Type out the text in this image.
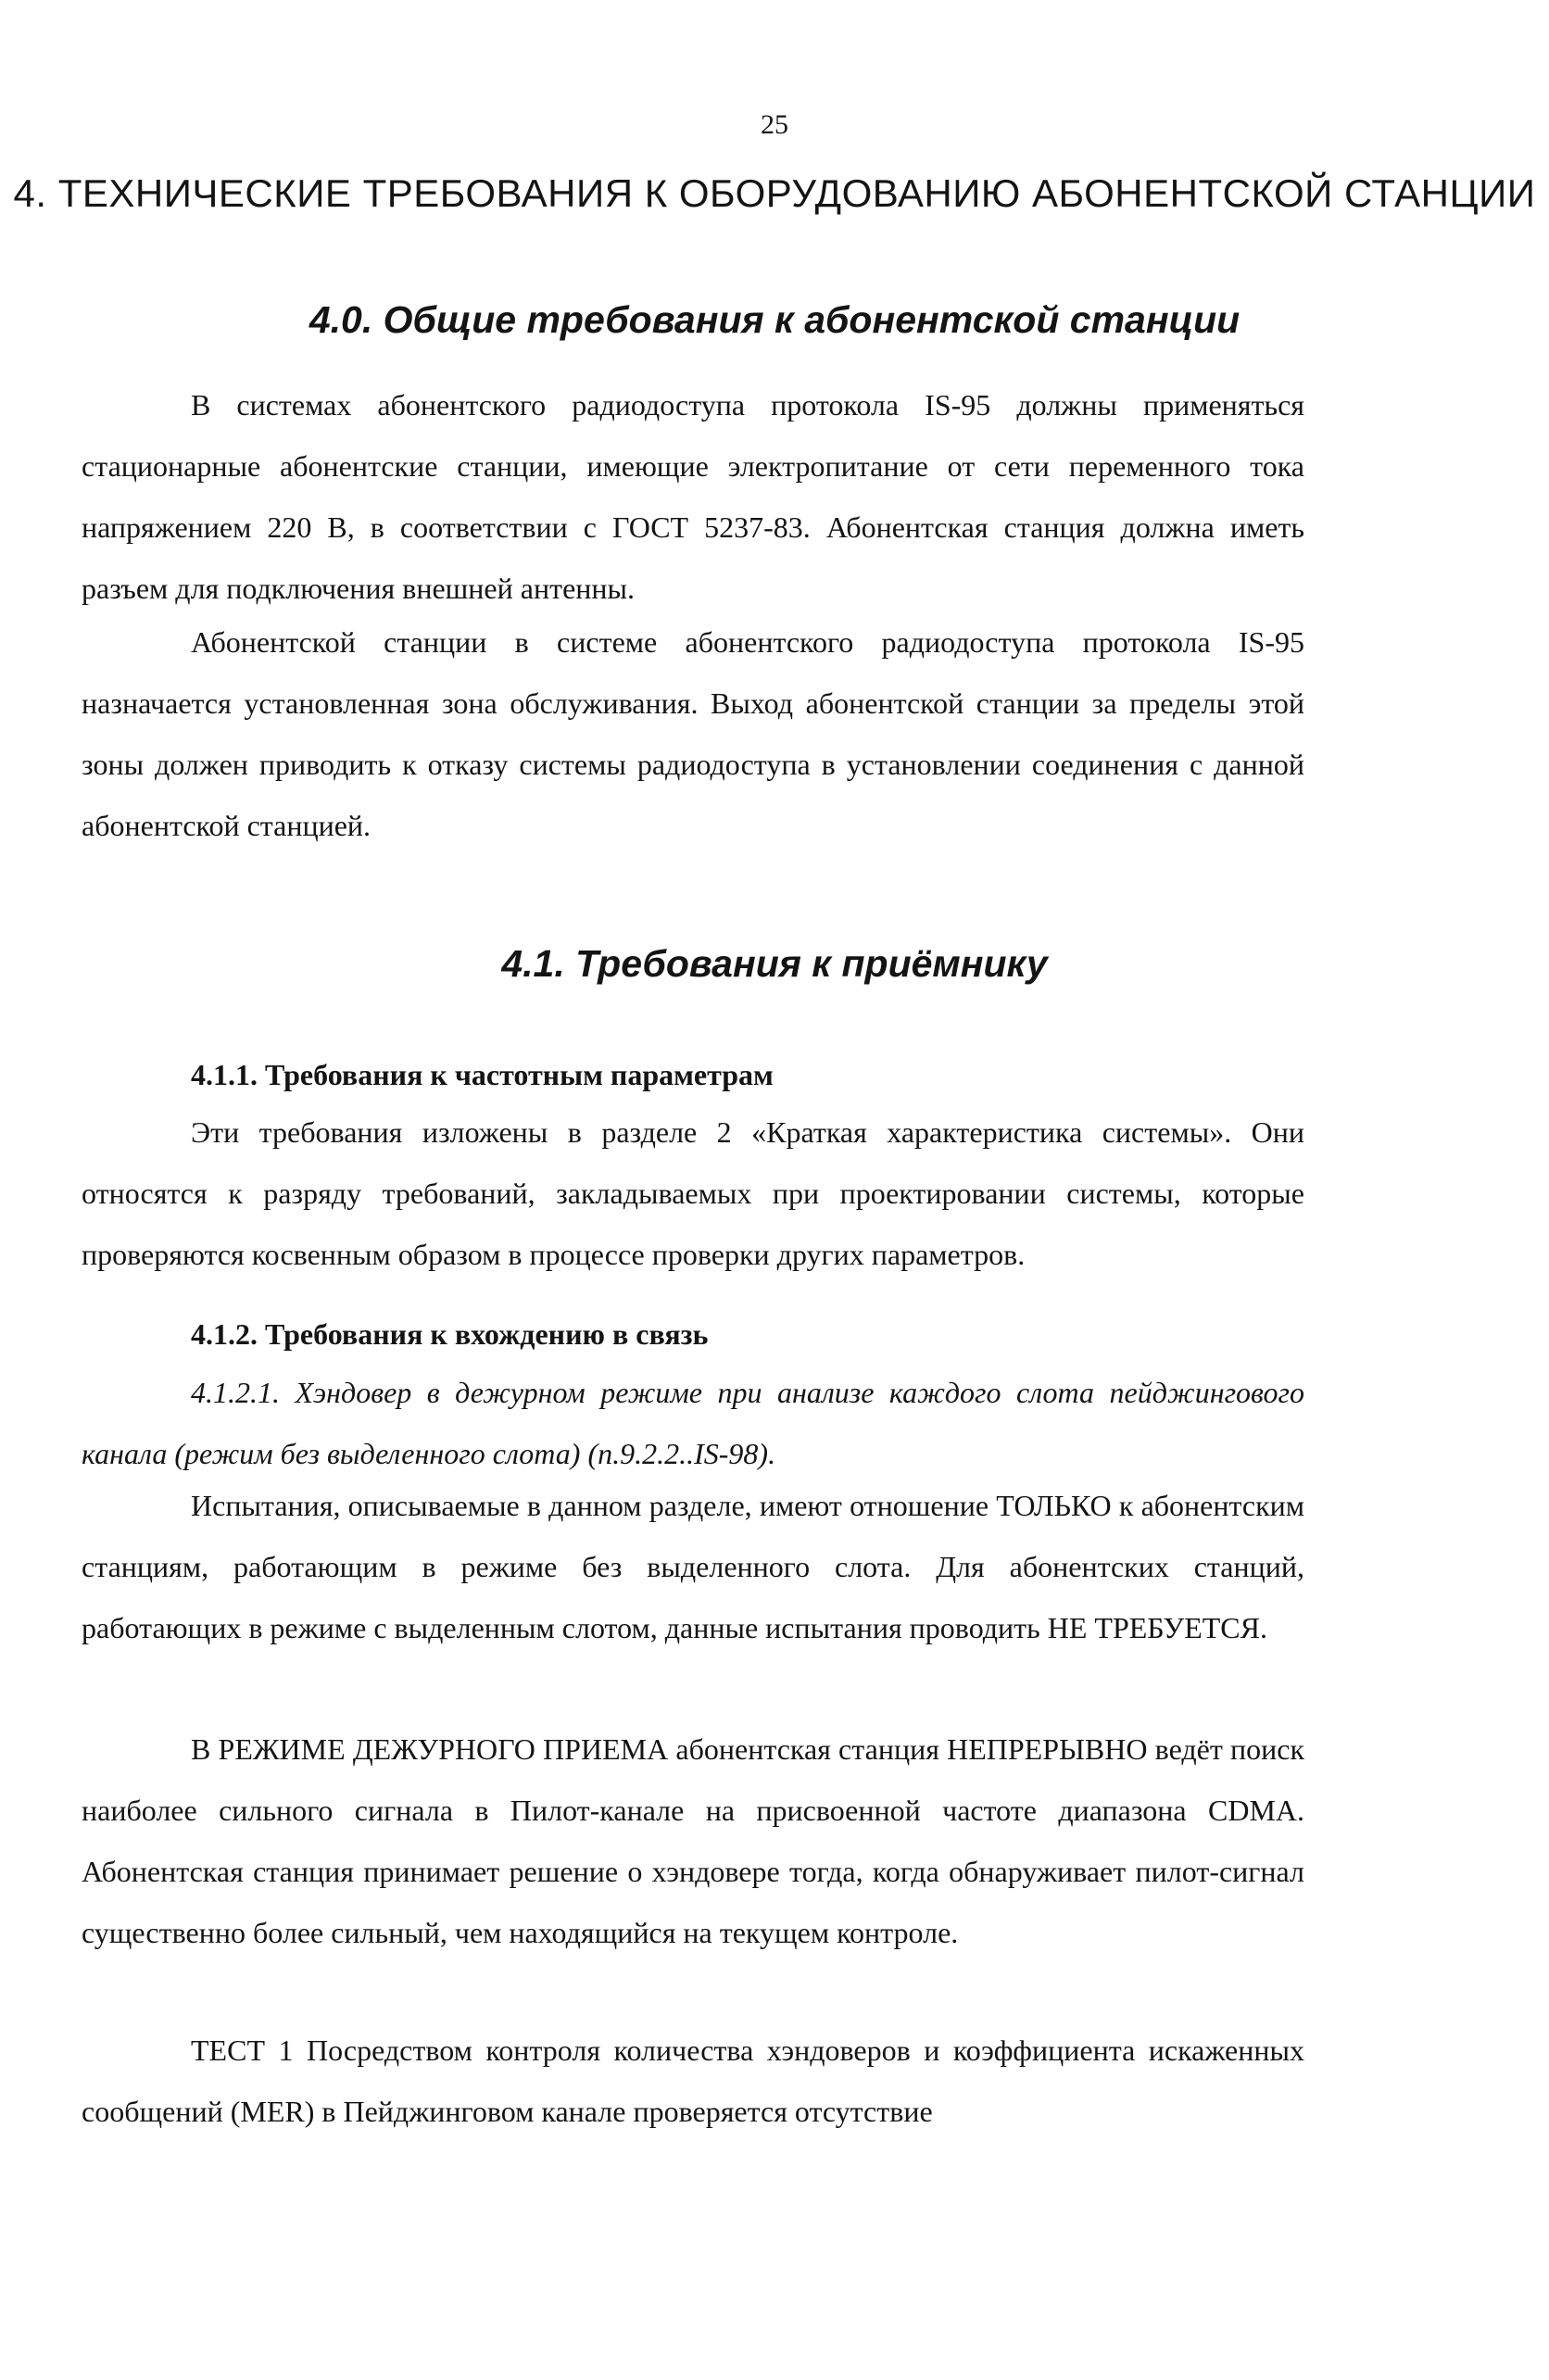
25
4. ТЕХНИЧЕСКИЕ ТРЕБОВАНИЯ К ОБОРУДОВАНИЮ АБОНЕНТСКОЙ СТАНЦИИ
4.0. Общие требования к абонентской станции

В системах абонентского радиодоступа протокола IS-95 должны применяться стационарные абонентские станции, имеющие электропитание от сети переменного тока напряжением 220 В, в соответствии с ГОСТ 5237-83. Абонентская станция должна иметь разъем для подключения внешней антенны.

Абонентской станции в системе абонентского радиодоступа протокола IS-95 назначается установленная зона обслуживания. Выход абонентской станции за пределы этой зоны должен приводить к отказу системы радиодоступа в установлении соединения с данной абонентской станцией.

4.1. Требования к приёмнику

4.1.1. Требования к частотным параметрам

Эти требования изложены в разделе 2 «Краткая характеристика системы». Они относятся к разряду требований, закладываемых при проектировании системы, которые проверяются косвенным образом в процессе проверки других параметров.

4.1.2. Требования к вхождению в связь

4.1.2.1. Хэндовер в дежурном режиме при анализе каждого слота пейджингового канала (режим без выделенного слота) (п.9.2.2..IS-98).

Испытания, описываемые в данном разделе, имеют отношение ТОЛЬКО к абонентским станциям, работающим в режиме без выделенного слота. Для абонентских станций, работающих в режиме с выделенным слотом, данные испытания проводить НЕ ТРЕБУЕТСЯ.

В РЕЖИМЕ ДЕЖУРНОГО ПРИЕМА абонентская станция НЕПРЕРЫВНО ведёт поиск наиболее сильного сигнала в Пилот-канале на присвоенной частоте диапазона CDMA. Абонентская станция принимает решение о хэндовере тогда, когда обнаруживает пилот-сигнал существенно более сильный, чем находящийся на текущем контроле.

ТЕСТ 1 Посредством контроля количества хэндоверов и коэффициента искаженных сообщений (MER) в Пейджинговом канале проверяется отсутствие
